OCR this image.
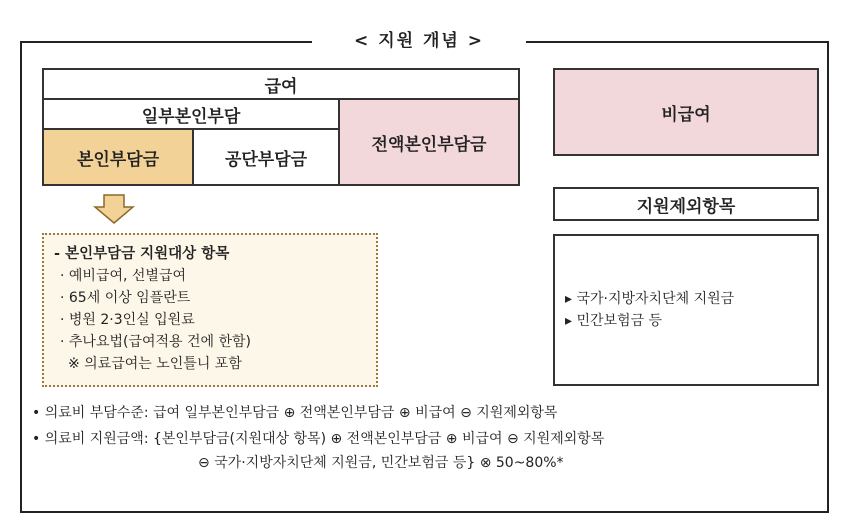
< 지원 개념 >
급여
일부본인부담
본인부담금	공단부담금
전액본인부담금
비급여
지원제외항목
- 본인부담금 지원대상 항목
· 예비급여, 선별급여
· 65세 이상 임플란트
· 병원 2·3인실 입원료
· 추나요법(급여적용 건에 한함)
※ 의료급여는 노인틀니 포함
▸ 국가·지방자치단체 지원금
▸ 민간보험금 등
• 의료비 부담수준: 급여 일부본인부담금 ⊕ 전액본인부담금 ⊕ 비급여 ⊖ 지원제외항목
• 의료비 지원금액: {본인부담금(지원대상 항목) ⊕ 전액본인부담금 ⊕ 비급여 ⊖ 지원제외항목
⊖ 국가·지방자치단체 지원금, 민간보험금 등} ⊗ 50~80%*
